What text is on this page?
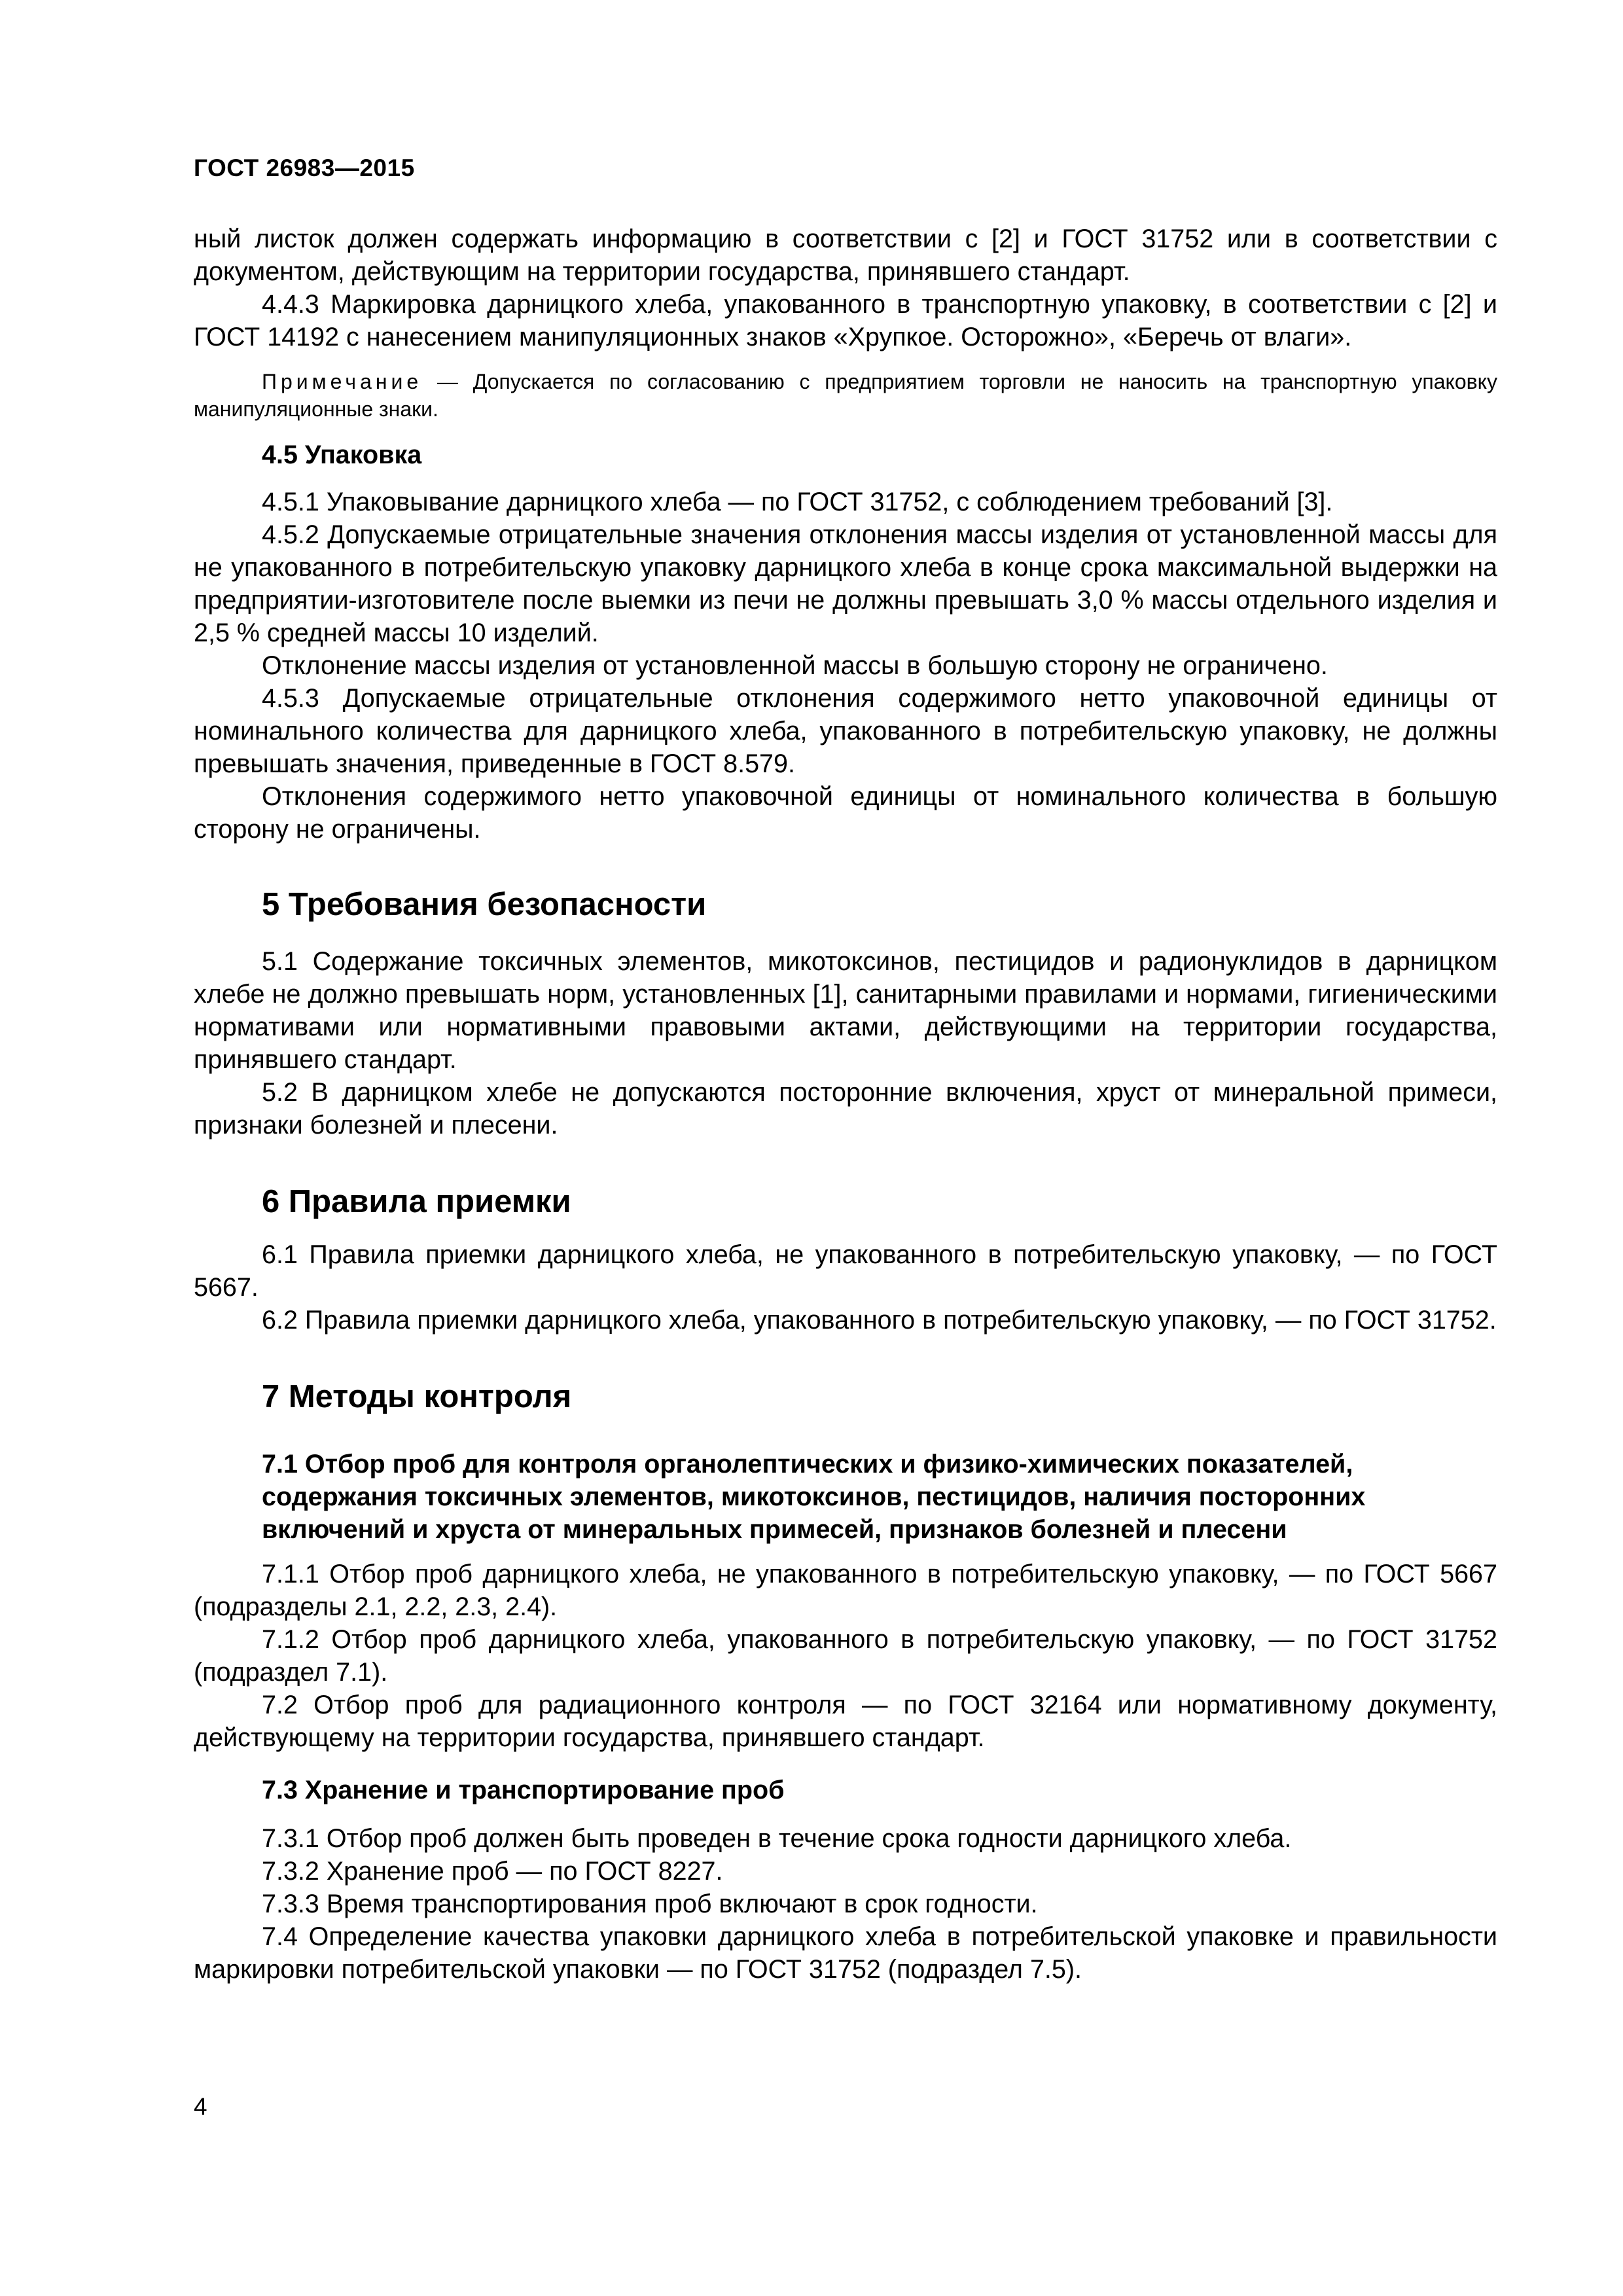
ГОСТ 26983—2015

ный листок должен содержать информацию в соответствии с [2] и ГОСТ 31752 или в соответствии с документом, действующим на территории государства, принявшего стандарт.

4.4.3 Маркировка дарницкого хлеба, упакованного в транспортную упаковку, в соответствии с [2] и ГОСТ 14192 с нанесением манипуляционных знаков «Хрупкое. Осторожно», «Беречь от влаги».

Примечание — Допускается по согласованию с предприятием торговли не наносить на транспортную упаковку манипуляционные знаки.

4.5 Упаковка

4.5.1 Упаковывание дарницкого хлеба — по ГОСТ 31752, с соблюдением требований [3].

4.5.2 Допускаемые отрицательные значения отклонения массы изделия от установленной массы для не упакованного в потребительскую упаковку дарницкого хлеба в конце срока максимальной выдержки на предприятии-изготовителе после выемки из печи не должны превышать 3,0 % массы отдельного изделия и 2,5 % средней массы 10 изделий.

Отклонение массы изделия от установленной массы в большую сторону не ограничено.

4.5.3 Допускаемые отрицательные отклонения содержимого нетто упаковочной единицы от номинального количества для дарницкого хлеба, упакованного в потребительскую упаковку, не должны превышать значения, приведенные в ГОСТ 8.579.

Отклонения содержимого нетто упаковочной единицы от номинального количества в большую сторону не ограничены.

5 Требования безопасности

5.1 Содержание токсичных элементов, микотоксинов, пестицидов и радионуклидов в дарницком хлебе не должно превышать норм, установленных [1], санитарными правилами и нормами, гигиеническими нормативами или нормативными правовыми актами, действующими на территории государства, принявшего стандарт.

5.2 В дарницком хлебе не допускаются посторонние включения, хруст от минеральной примеси, признаки болезней и плесени.

6 Правила приемки

6.1 Правила приемки дарницкого хлеба, не упакованного в потребительскую упаковку, — по ГОСТ 5667.

6.2 Правила приемки дарницкого хлеба, упакованного в потребительскую упаковку, — по ГОСТ 31752.

7 Методы контроля

7.1 Отбор проб для контроля органолептических и физико-химических показателей, содержания токсичных элементов, микотоксинов, пестицидов, наличия посторонних включений и хруста от минеральных примесей, признаков болезней и плесени

7.1.1 Отбор проб дарницкого хлеба, не упакованного в потребительскую упаковку, — по ГОСТ 5667 (подразделы 2.1, 2.2, 2.3, 2.4).

7.1.2 Отбор проб дарницкого хлеба, упакованного в потребительскую упаковку, — по ГОСТ 31752 (подраздел 7.1).

7.2 Отбор проб для радиационного контроля — по ГОСТ 32164 или нормативному документу, действующему на территории государства, принявшего стандарт.

7.3 Хранение и транспортирование проб

7.3.1 Отбор проб должен быть проведен в течение срока годности дарницкого хлеба.

7.3.2 Хранение проб — по ГОСТ 8227.

7.3.3 Время транспортирования проб включают в срок годности.

7.4 Определение качества упаковки дарницкого хлеба в потребительской упаковке и правильности маркировки потребительской упаковки — по ГОСТ 31752 (подраздел 7.5).

4
